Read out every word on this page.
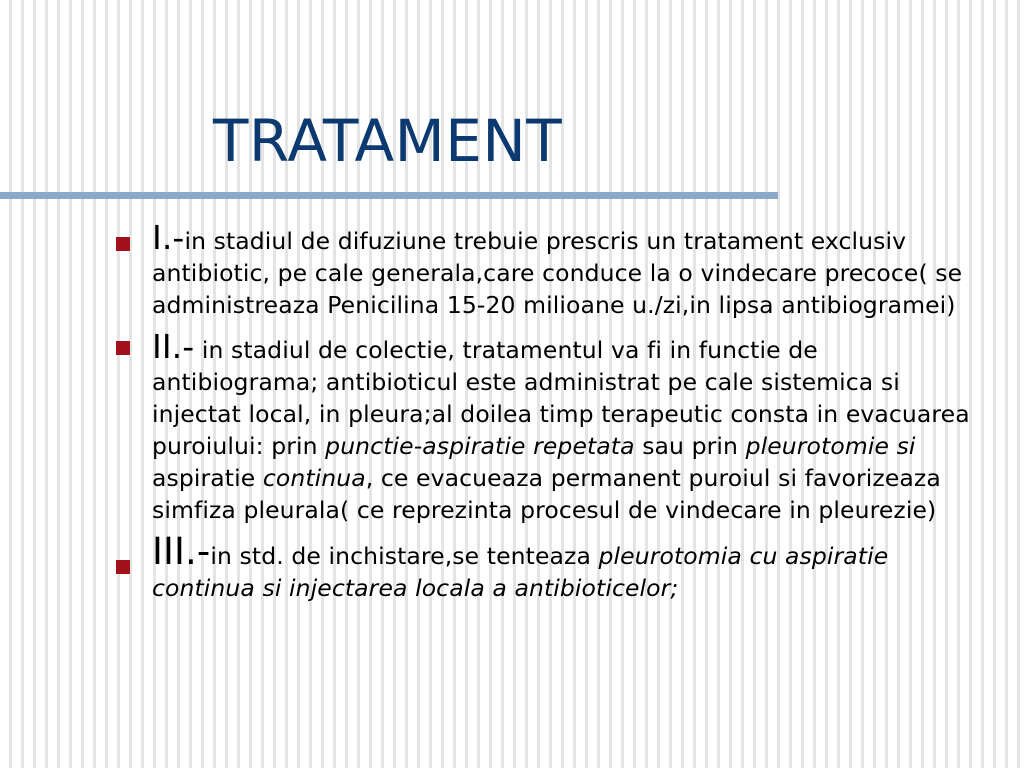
TRATAMENT
I.-in stadiul de difuziune trebuie prescris un tratament exclusiv antibiotic, pe cale generala,care conduce la o vindecare precoce( se administreaza Penicilina 15-20 milioane u./zi,in lipsa antibiogramei)
II.- in stadiul de colectie, tratamentul va fi in functie de antibiograma; antibioticul este administrat pe cale sistemica si injectat local, in pleura;al doilea timp terapeutic consta in evacuarea puroiului: prin punctie-aspiratie repetata sau prin pleurotomie si aspiratie continua, ce evacueaza permanent puroiul si favorizeaza simfiza pleurala( ce reprezinta procesul de vindecare in pleurezie)
III.-in std. de inchistare,se tenteaza pleurotomia cu aspiratie continua si injectarea locala a antibioticelor;
